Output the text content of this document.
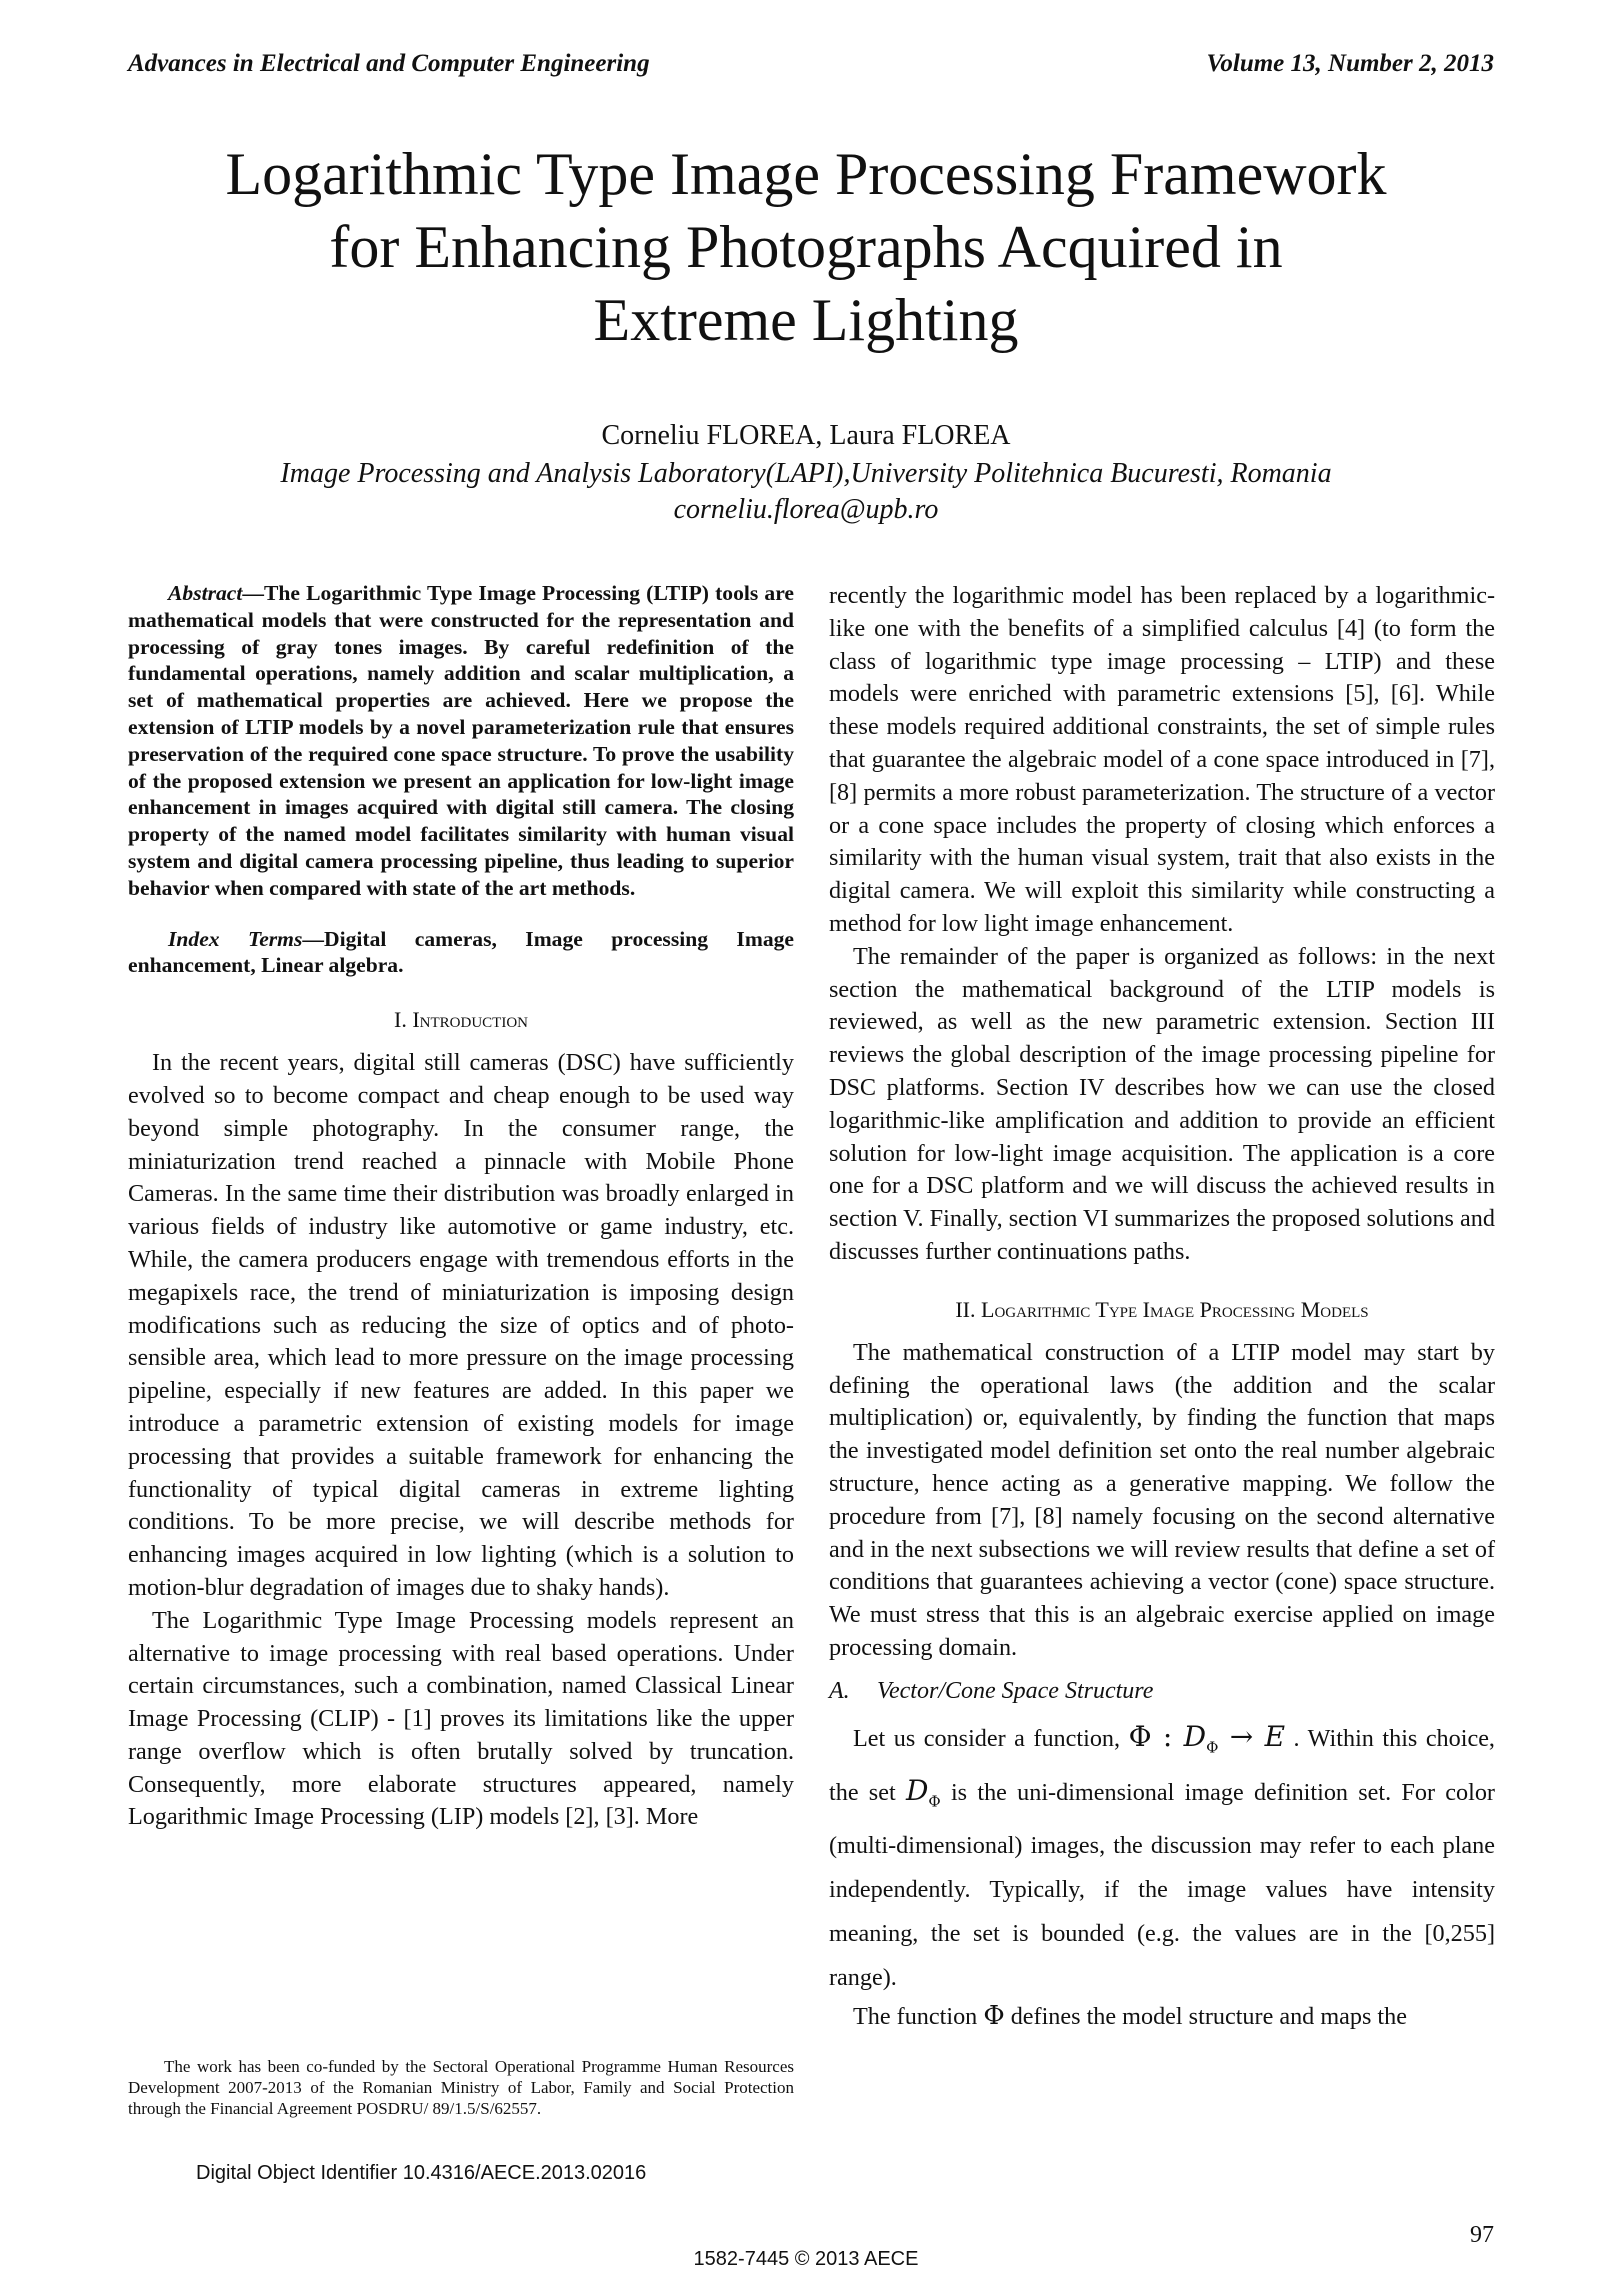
Advances in Electrical and Computer Engineering	Volume 13, Number 2, 2013
Logarithmic Type Image Processing Framework
for Enhancing Photographs Acquired in
Extreme Lighting
Corneliu FLOREA, Laura FLOREA
Image Processing and Analysis Laboratory(LAPI),University Politehnica Bucuresti, Romania
corneliu.florea@upb.ro

Abstract—The Logarithmic Type Image Processing (LTIP) tools are mathematical models that were constructed for the representation and processing of gray tones images. By careful redefinition of the fundamental operations, namely addition and scalar multiplication, a set of mathematical properties are achieved. Here we propose the extension of LTIP models by a novel parameterization rule that ensures preservation of the required cone space structure. To prove the usability of the proposed extension we present an application for low-light image enhancement in images acquired with digital still camera. The closing property of the named model facilitates similarity with human visual system and digital camera processing pipeline, thus leading to superior behavior when compared with state of the art methods.

Index Terms—Digital cameras, Image processing Image enhancement, Linear algebra.

I. Introduction

In the recent years, digital still cameras (DSC) have sufficiently evolved so to become compact and cheap enough to be used way beyond simple photography. In the consumer range, the miniaturization trend reached a pinnacle with Mobile Phone Cameras. In the same time their distribution was broadly enlarged in various fields of industry like automotive or game industry, etc. While, the camera producers engage with tremendous efforts in the megapixels race, the trend of miniaturization is imposing design modifications such as reducing the size of optics and of photo-sensible area, which lead to more pressure on the image processing pipeline, especially if new features are added. In this paper we introduce a parametric extension of existing models for image processing that provides a suitable framework for enhancing the functionality of typical digital cameras in extreme lighting conditions. To be more precise, we will describe methods for enhancing images acquired in low lighting (which is a solution to motion-blur degradation of images due to shaky hands).

The Logarithmic Type Image Processing models represent an alternative to image processing with real based operations. Under certain circumstances, such a combination, named Classical Linear Image Processing (CLIP) - [1] proves its limitations like the upper range overflow which is often brutally solved by truncation. Consequently, more elaborate structures appeared, namely Logarithmic Image Processing (LIP) models [2], [3]. More

recently the logarithmic model has been replaced by a logarithmic-like one with the benefits of a simplified calculus [4] (to form the class of logarithmic type image processing – LTIP) and these models were enriched with parametric extensions [5], [6]. While these models required additional constraints, the set of simple rules that guarantee the algebraic model of a cone space introduced in [7], [8] permits a more robust parameterization. The structure of a vector or a cone space includes the property of closing which enforces a similarity with the human visual system, trait that also exists in the digital camera. We will exploit this similarity while constructing a method for low light image enhancement.

The remainder of the paper is organized as follows: in the next section the mathematical background of the LTIP models is reviewed, as well as the new parametric extension. Section III reviews the global description of the image processing pipeline for DSC platforms. Section IV describes how we can use the closed logarithmic-like amplification and addition to provide an efficient solution for low-light image acquisition. The application is a core one for a DSC platform and we will discuss the achieved results in section V. Finally, section VI summarizes the proposed solutions and discusses further continuations paths.

II. Logarithmic Type Image Processing Models

The mathematical construction of a LTIP model may start by defining the operational laws (the addition and the scalar multiplication) or, equivalently, by finding the function that maps the investigated model definition set onto the real number algebraic structure, hence acting as a generative mapping. We follow the procedure from [7], [8] namely focusing on the second alternative and in the next subsections we will review results that define a set of conditions that guarantees achieving a vector (cone) space structure. We must stress that this is an algebraic exercise applied on image processing domain.

A. Vector/Cone Space Structure

Let us consider a function, Φ : $D_\Phi \to E$ . Within this choice, the set $D_\Phi$ is the uni-dimensional image definition set. For color (multi-dimensional) images, the discussion may refer to each plane independently. Typically, if the image values have intensity meaning, the set is bounded (e.g. the values are in the [0,255] range).

The function Φ defines the model structure and maps the

The work has been co-funded by the Sectoral Operational Programme Human Resources Development 2007-2013 of the Romanian Ministry of Labor, Family and Social Protection through the Financial Agreement POSDRU/ 89/1.5/S/62557.

Digital Object Identifier 10.4316/AECE.2013.02016
97
1582-7445 © 2013 AECE
